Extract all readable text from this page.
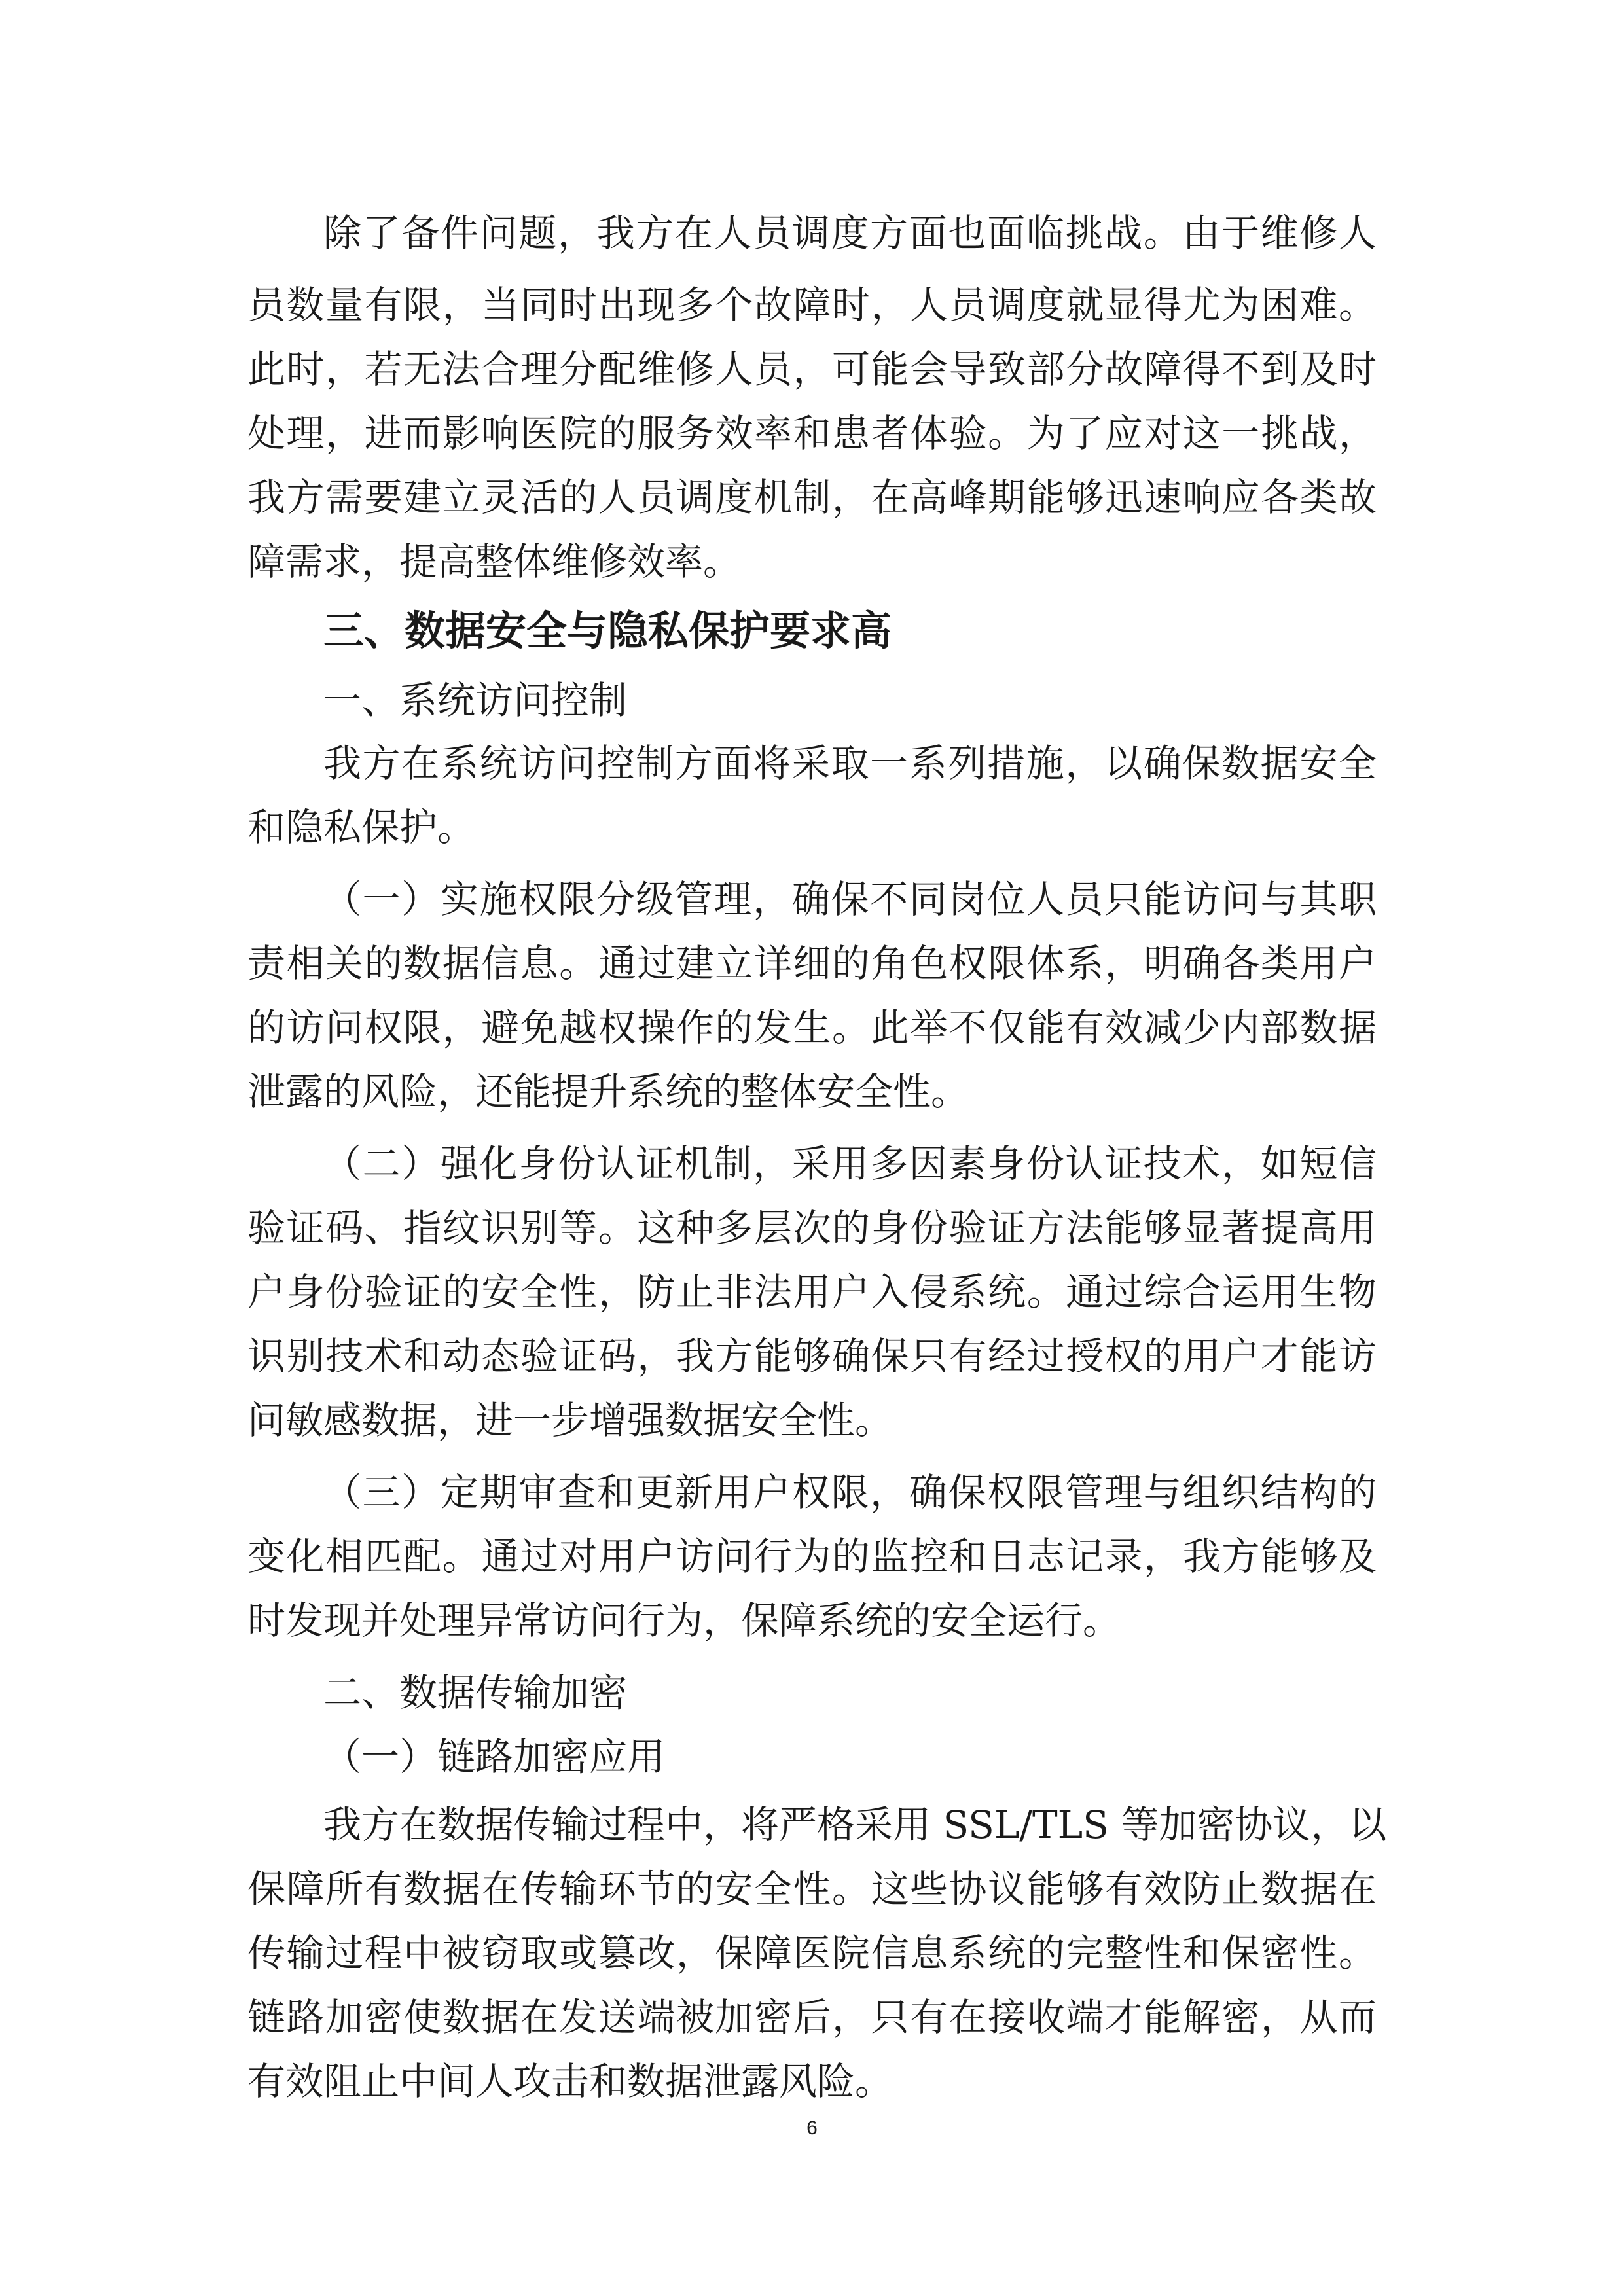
除了备件问题，我方在人员调度方面也面临挑战。由于维修人
员数量有限，当同时出现多个故障时，人员调度就显得尤为困难。
此时，若无法合理分配维修人员，可能会导致部分故障得不到及时
处理，进而影响医院的服务效率和患者体验。为了应对这一挑战，
我方需要建立灵活的人员调度机制，在高峰期能够迅速响应各类故
障需求，提高整体维修效率。
三、数据安全与隐私保护要求高
一、系统访问控制
我方在系统访问控制方面将采取一系列措施，以确保数据安全
和隐私保护。
（一）实施权限分级管理，确保不同岗位人员只能访问与其职
责相关的数据信息。通过建立详细的角色权限体系，明确各类用户
的访问权限，避免越权操作的发生。此举不仅能有效减少内部数据
泄露的风险，还能提升系统的整体安全性。
（二）强化身份认证机制，采用多因素身份认证技术，如短信
验证码、指纹识别等。这种多层次的身份验证方法能够显著提高用
户身份验证的安全性，防止非法用户入侵系统。通过综合运用生物
识别技术和动态验证码，我方能够确保只有经过授权的用户才能访
问敏感数据，进一步增强数据安全性。
（三）定期审查和更新用户权限，确保权限管理与组织结构的
变化相匹配。通过对用户访问行为的监控和日志记录，我方能够及
时发现并处理异常访问行为，保障系统的安全运行。
二、数据传输加密
（一）链路加密应用
我方在数据传输过程中，将严格采用 SSL/TLS 等加密协议，以
保障所有数据在传输环节的安全性。这些协议能够有效防止数据在
传输过程中被窃取或篡改，保障医院信息系统的完整性和保密性。
链路加密使数据在发送端被加密后，只有在接收端才能解密，从而
有效阻止中间人攻击和数据泄露风险。
6
